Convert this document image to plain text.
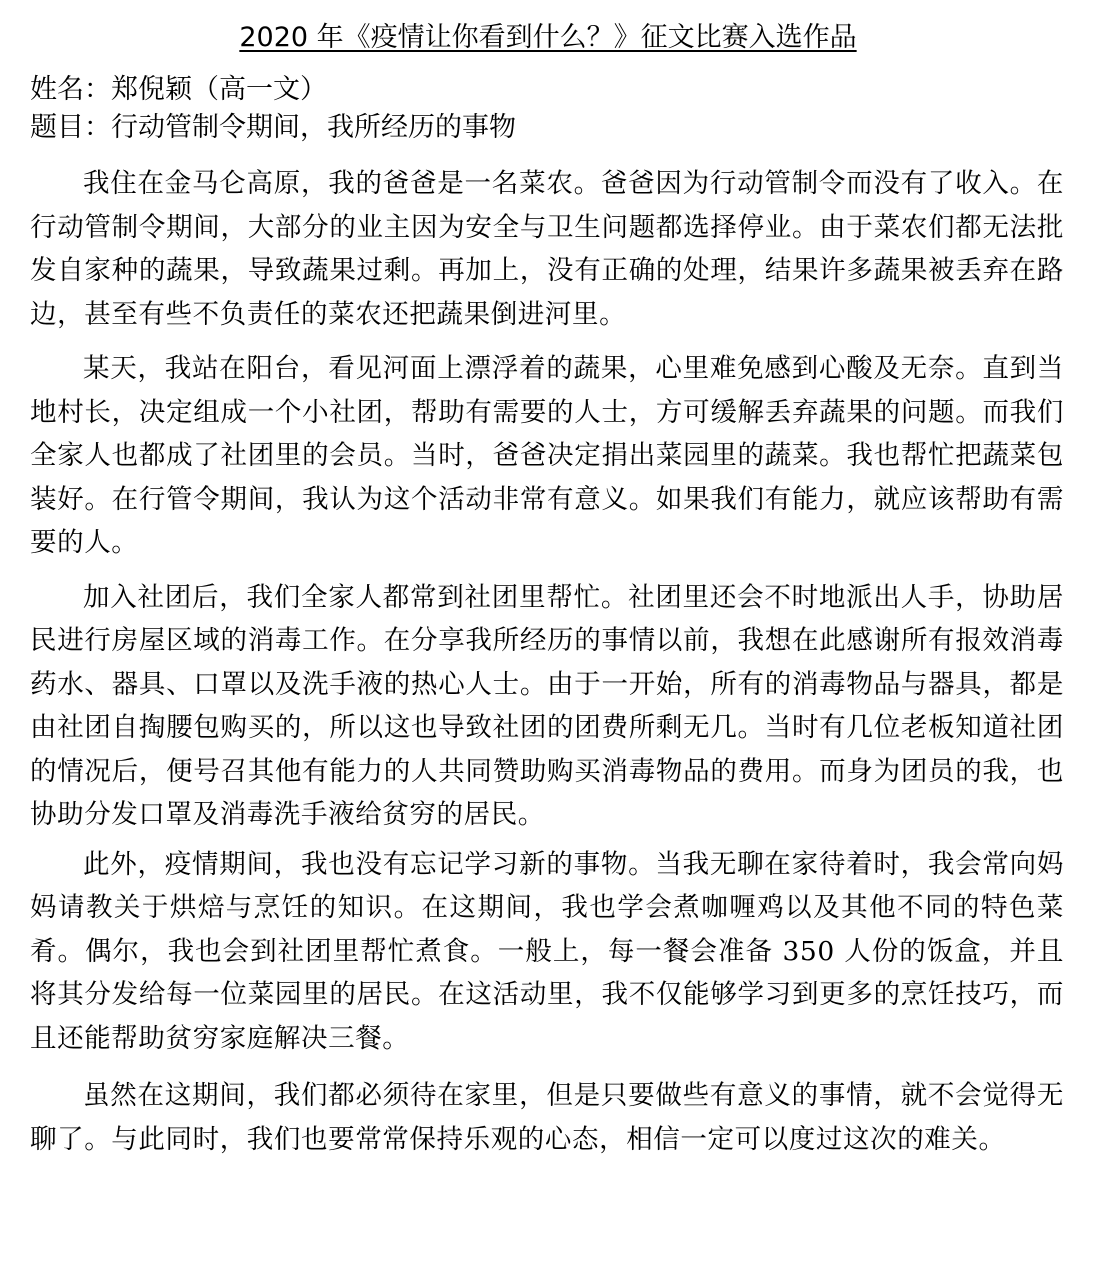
2020 年《疫情让你看到什么？》征文比赛入选作品
姓名：郑倪颖（高一文）
题目：行动管制令期间，我所经历的事物

我住在金马仑高原，我的爸爸是一名菜农。爸爸因为行动管制令而没有了收入。在行动管制令期间，大部分的业主因为安全与卫生问题都选择停业。由于菜农们都无法批发自家种的蔬果，导致蔬果过剩。再加上，没有正确的处理，结果许多蔬果被丢弃在路边，甚至有些不负责任的菜农还把蔬果倒进河里。

某天，我站在阳台，看见河面上漂浮着的蔬果，心里难免感到心酸及无奈。直到当地村长，决定组成一个小社团，帮助有需要的人士，方可缓解丢弃蔬果的问题。而我们全家人也都成了社团里的会员。当时，爸爸决定捐出菜园里的蔬菜。我也帮忙把蔬菜包装好。在行管令期间，我认为这个活动非常有意义。如果我们有能力，就应该帮助有需要的人。

加入社团后，我们全家人都常到社团里帮忙。社团里还会不时地派出人手，协助居民进行房屋区域的消毒工作。在分享我所经历的事情以前，我想在此感谢所有报效消毒药水、器具、口罩以及洗手液的热心人士。由于一开始，所有的消毒物品与器具，都是由社团自掏腰包购买的，所以这也导致社团的团费所剩无几。当时有几位老板知道社团的情况后，便号召其他有能力的人共同赞助购买消毒物品的费用。而身为团员的我，也协助分发口罩及消毒洗手液给贫穷的居民。

此外，疫情期间，我也没有忘记学习新的事物。当我无聊在家待着时，我会常向妈妈请教关于烘焙与烹饪的知识。在这期间，我也学会煮咖喱鸡以及其他不同的特色菜肴。偶尔，我也会到社团里帮忙煮食。一般上，每一餐会准备 350 人份的饭盒，并且将其分发给每一位菜园里的居民。在这活动里，我不仅能够学习到更多的烹饪技巧，而且还能帮助贫穷家庭解决三餐。

虽然在这期间，我们都必须待在家里，但是只要做些有意义的事情，就不会觉得无聊了。与此同时，我们也要常常保持乐观的心态，相信一定可以度过这次的难关。
